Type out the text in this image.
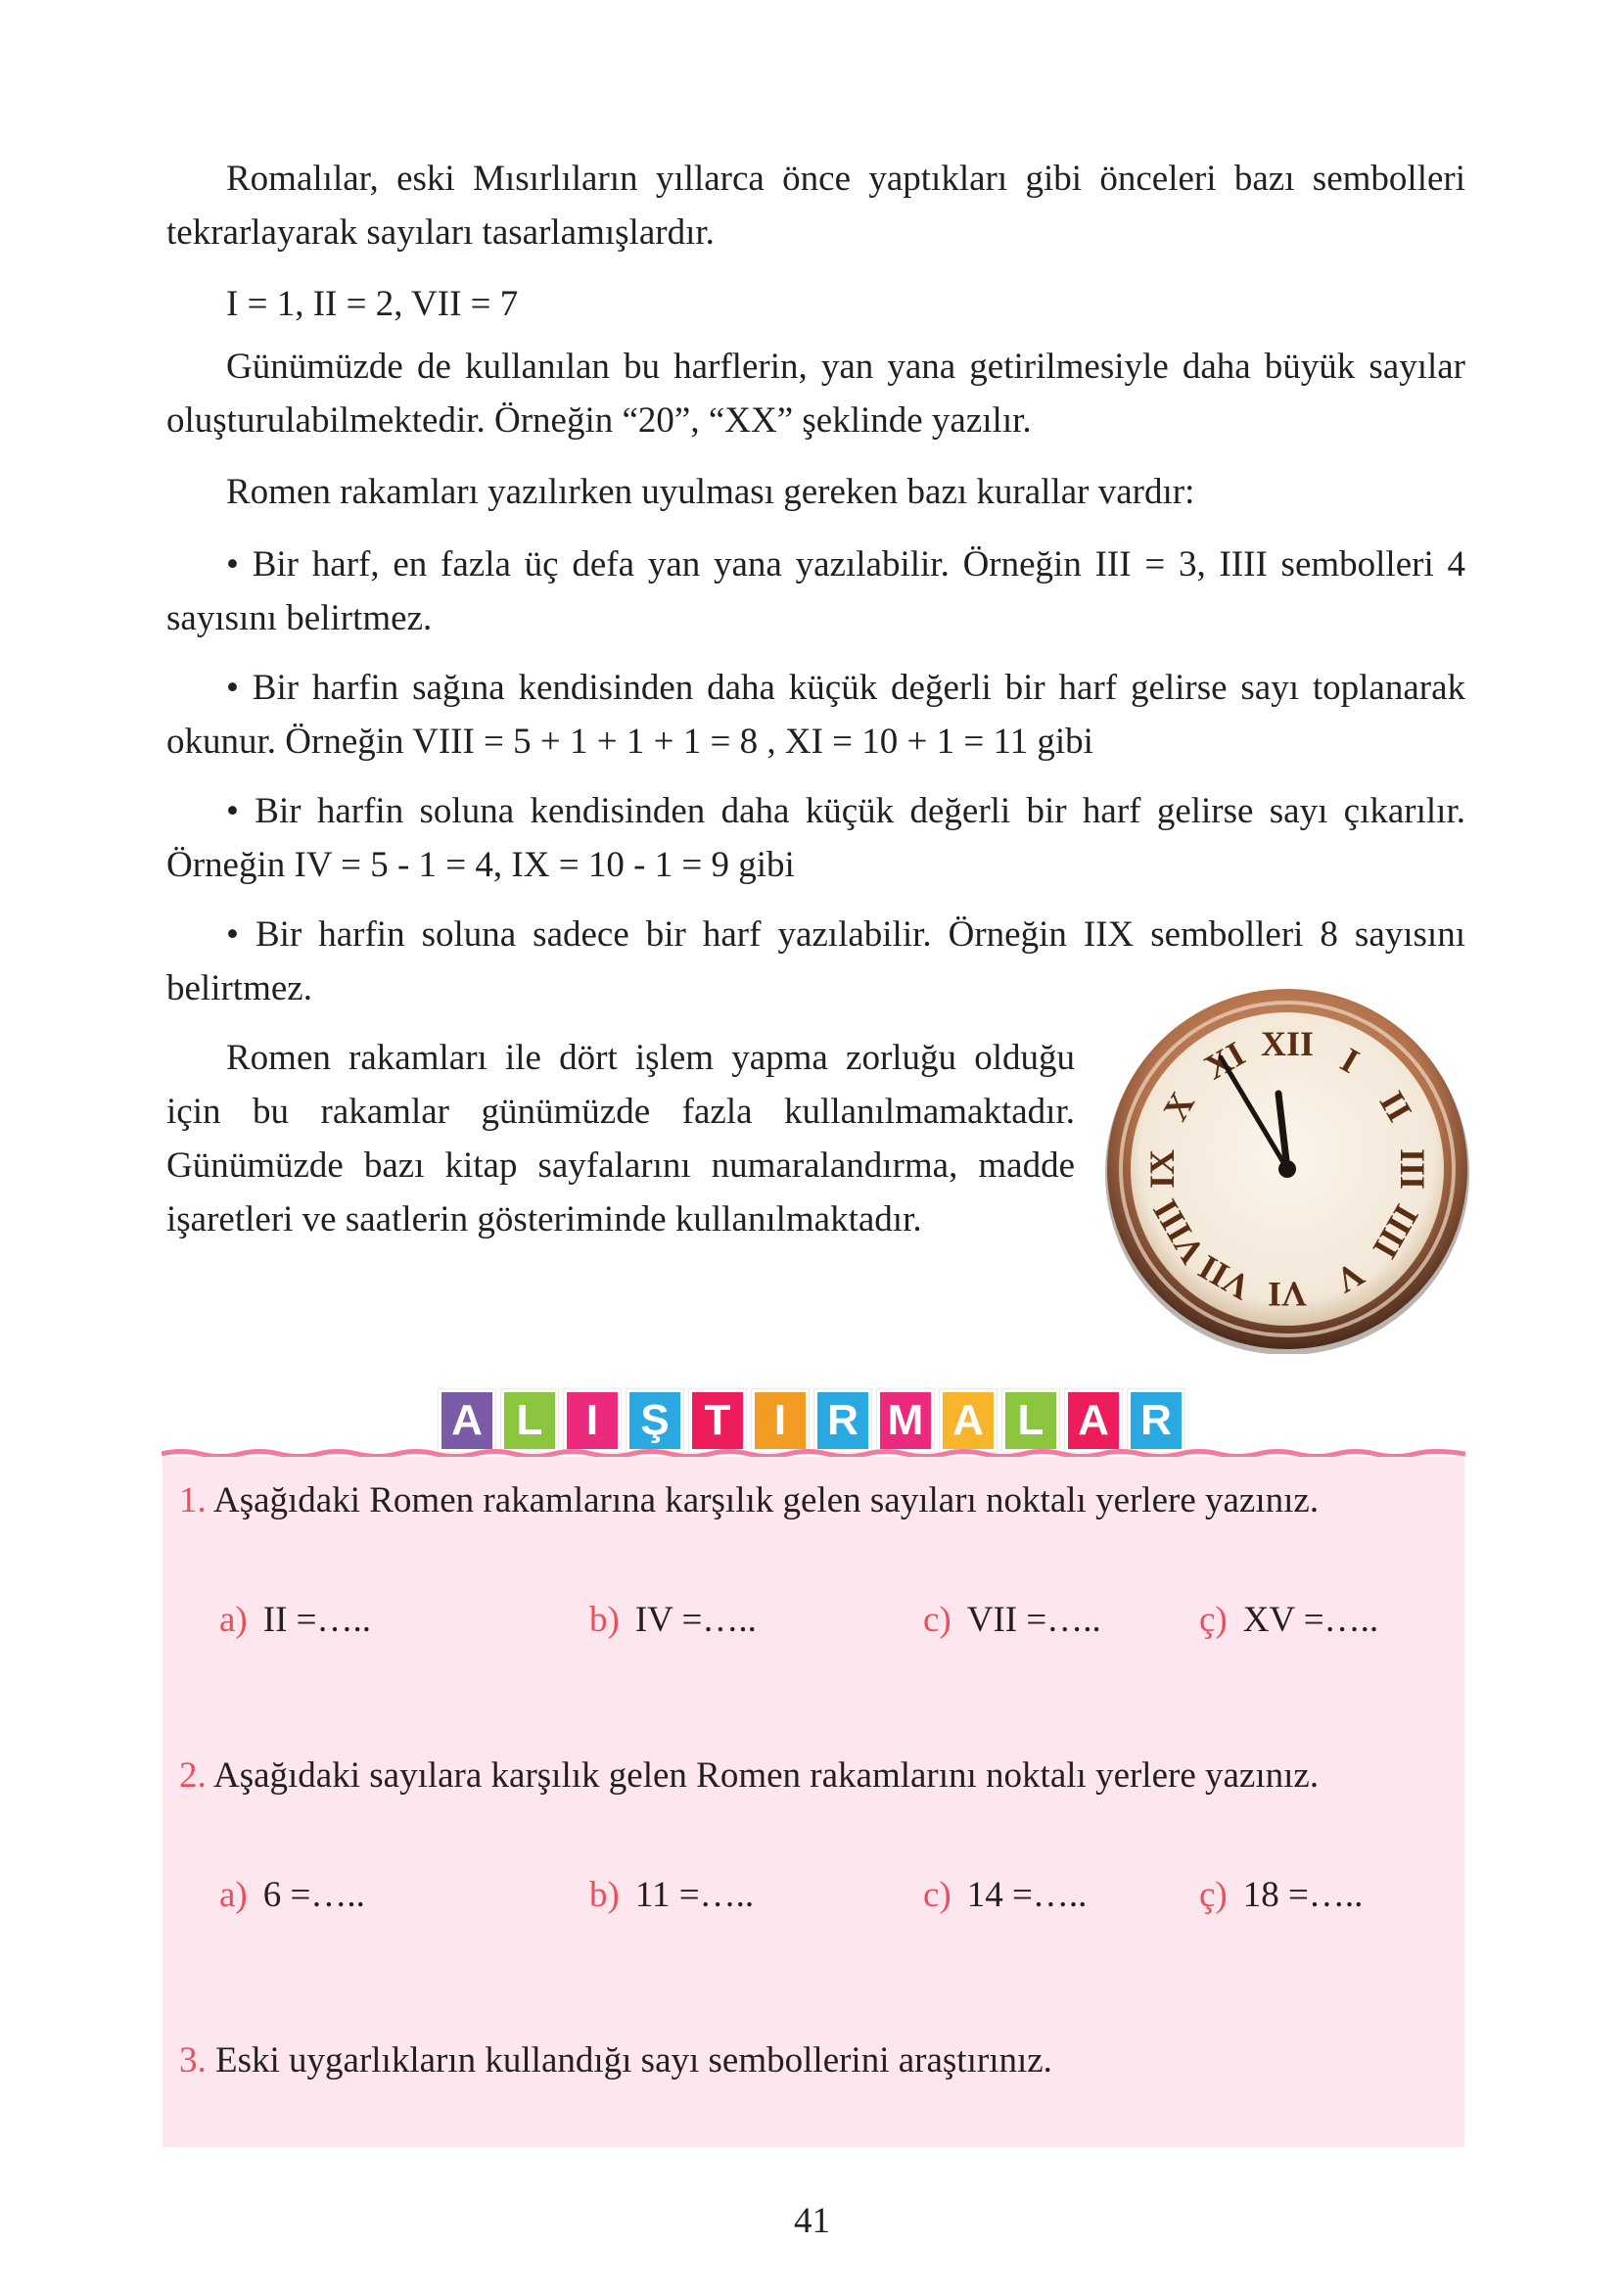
Romalılar, eski Mısırlıların yıllarca önce yaptıkları gibi önceleri bazı sembolleri tekrarlayarak sayıları tasarlamışlardır.

I = 1, II = 2, VII = 7

Günümüzde de kullanılan bu harflerin, yan yana getirilmesiyle daha büyük sayılar oluşturulabilmektedir. Örneğin “20”, “XX” şeklinde yazılır.

Romen rakamları yazılırken uyulması gereken bazı kurallar vardır:

• Bir harf, en fazla üç defa yan yana yazılabilir. Örneğin III = 3, IIII sembolleri 4 sayısını belirtmez.

• Bir harfin sağına kendisinden daha küçük değerli bir harf gelirse sayı toplanarak okunur. Örneğin VIII = 5 + 1 + 1 + 1 = 8 , XI = 10 + 1 = 11 gibi

• Bir harfin soluna kendisinden daha küçük değerli bir harf gelirse sayı çıkarılır. Örneğin IV = 5 - 1 = 4, IX = 10 - 1 = 9 gibi

• Bir harfin soluna sadece bir harf yazılabilir. Örneğin IIX sembolleri 8 sayısını belirtmez.

Romen rakamları ile dört işlem yapma zorluğu olduğu için bu rakamlar günümüzde fazla kullanılmamaktadır. Günümüzde bazı kitap sayfalarını numaralandırma, madde işaretleri ve saatlerin gösteriminde kullanılmaktadır.

XII I
II
III
IIII
V
VI
VII
VIII
IX
X
A L	I Ş T	I R M A L A R

1. Aşağıdaki Romen rakamlarına karşılık gelen sayıları noktalı yerlere yazınız.

a) II =…..	b) IV =…..	c) VII =…..	ç) XV =…..

2. Aşağıdaki sayılara karşılık gelen Romen rakamlarını noktalı yerlere yazınız.

a) 6 =…..	b) 11 =…..	c) 14 =…..	ç) 18 =…..

3. Eski uygarlıkların kullandığı sayı sembollerini araştırınız.

41
